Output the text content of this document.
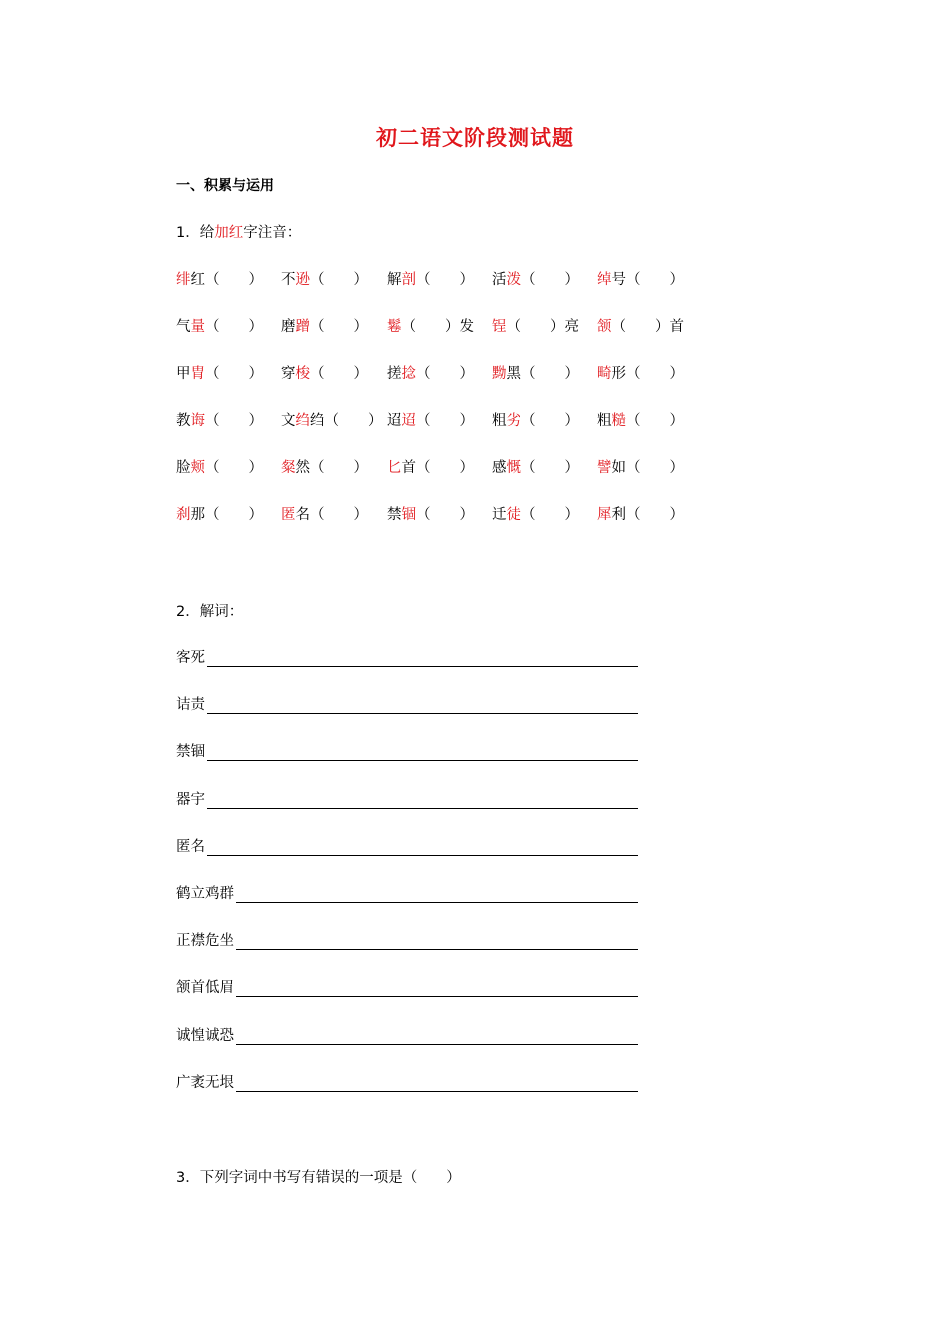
初二语文阶段测试题
一、积累与运用
1．给加红字注音：
绯红（　　） 不逊（　　） 解剖（　　） 活泼（　　） 绰号（　　）
气量（　　） 磨蹭（　　） 鬈（　　）发 锃（　　）亮 颔（　　）首
甲胄（　　） 穿梭（　　） 搓捻（　　） 黝黑（　　） 畸形（　　）
教诲（　　） 文绉绉（　　） 迢迢（　　） 粗劣（　　） 粗糙（　　）
脸颊（　　） 粲然（　　） 匕首（　　） 感慨（　　） 譬如（　　）
刹那（　　） 匿名（　　） 禁锢（　　） 迁徒（　　） 犀利（　　）
2．解词：
客死
诘责
禁锢
器宇
匿名
鹤立鸡群
正襟危坐
颔首低眉
诚惶诚恐
广袤无垠
3．下列字词中书写有错误的一项是（　　）
